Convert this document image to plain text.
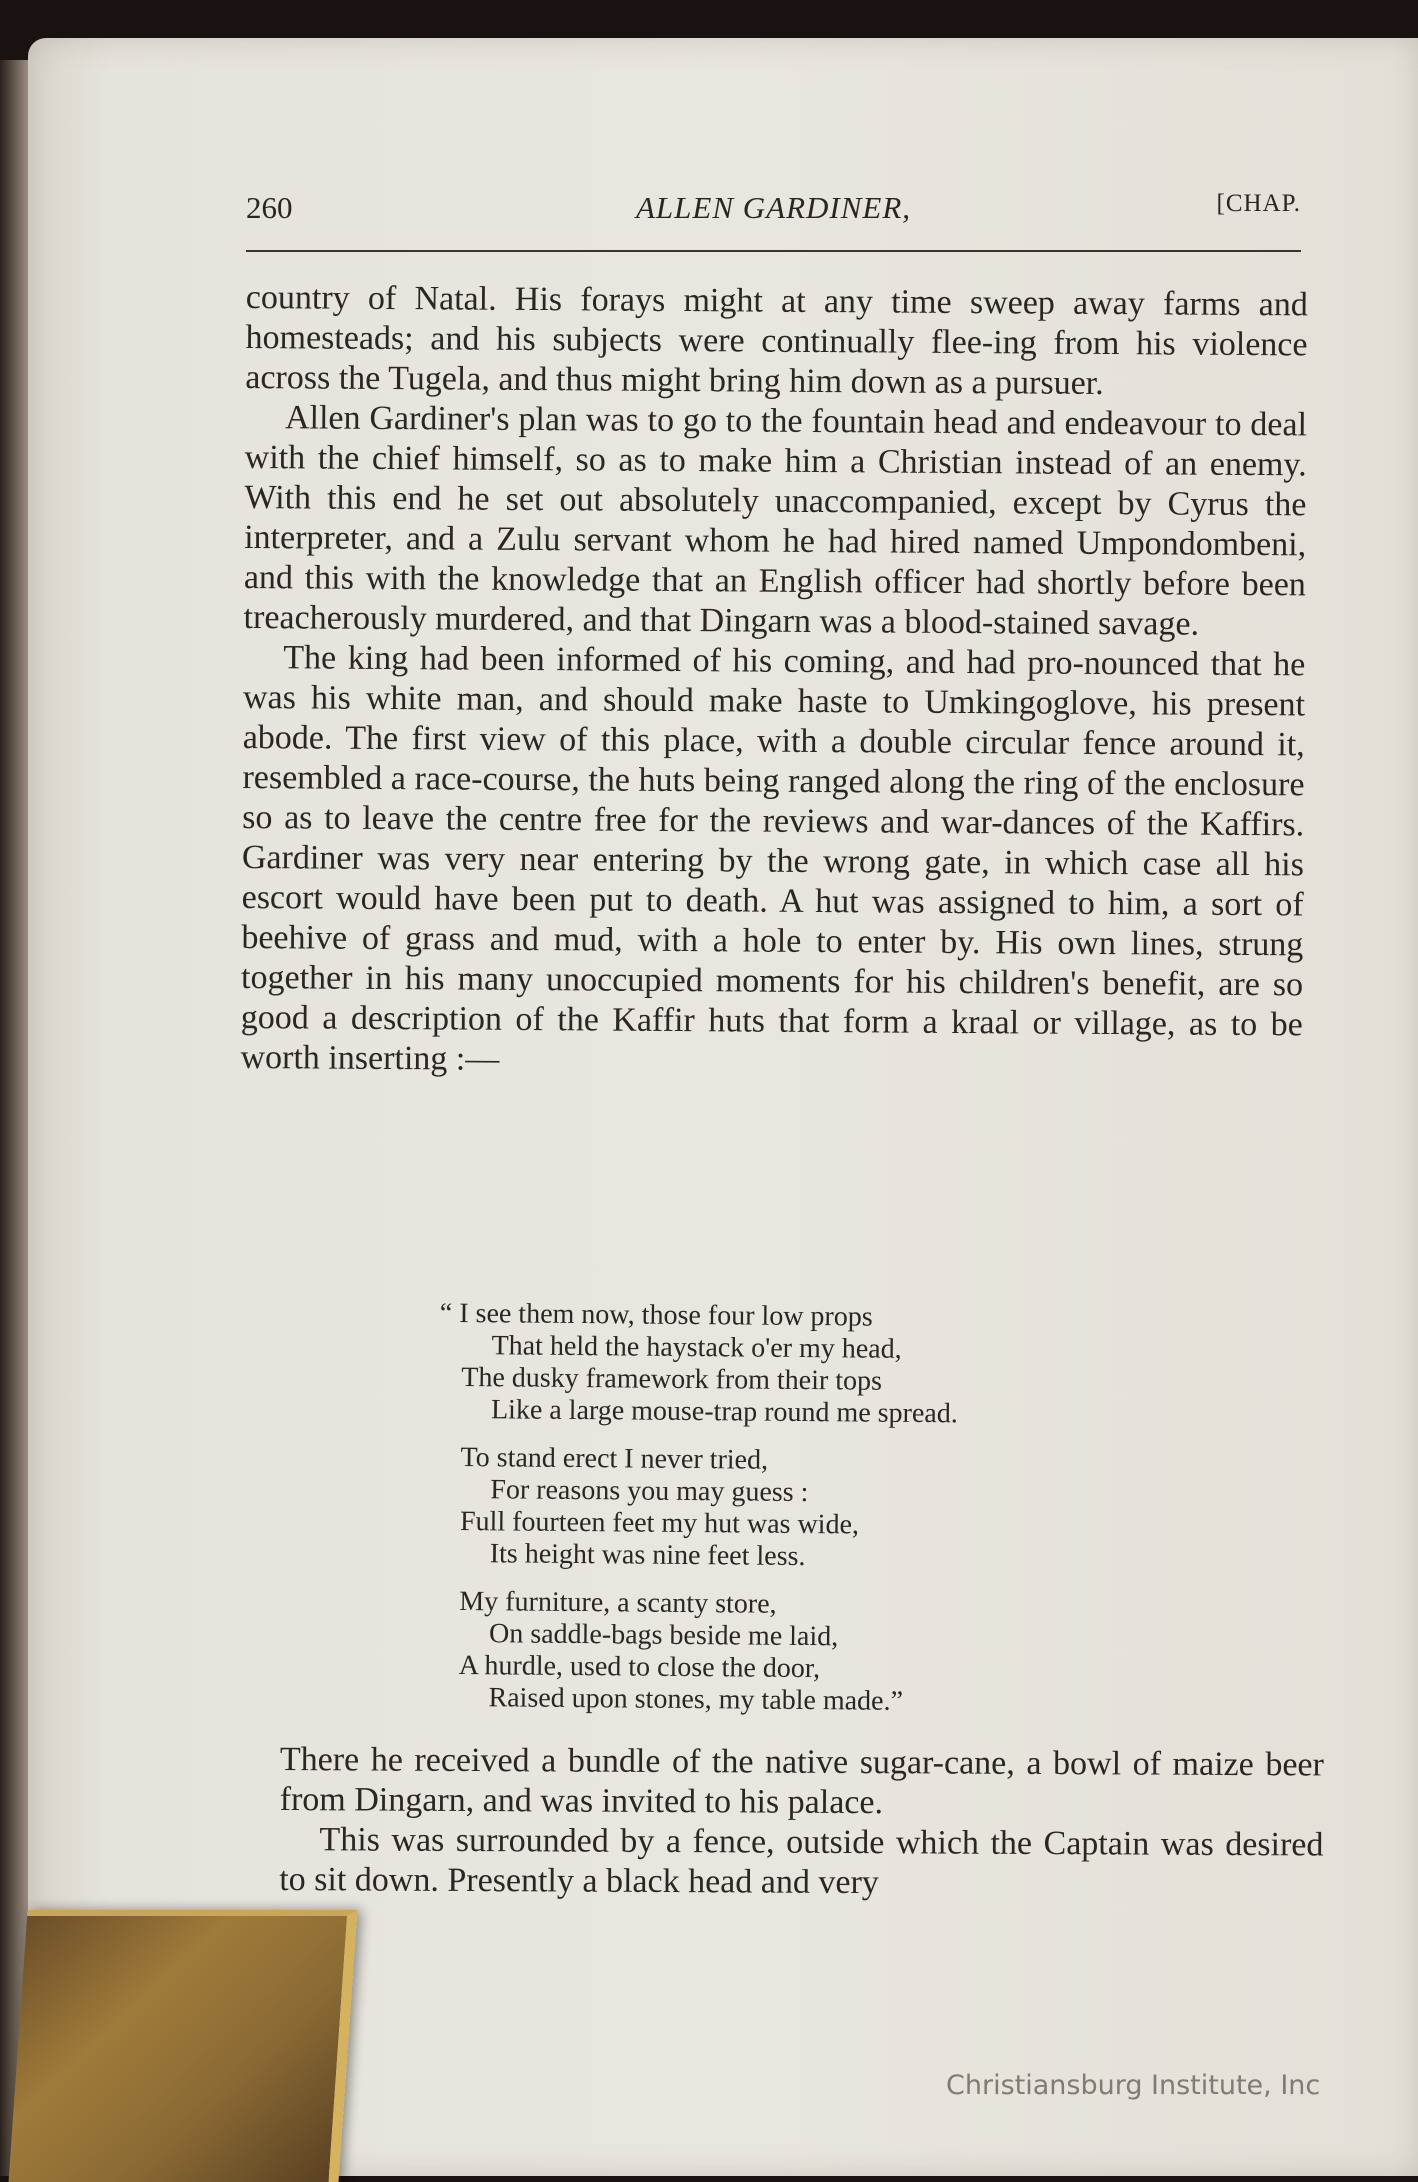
260	ALLEN GARDINER,	[CHAP.

country of Natal. His forays might at any time sweep away farms and homesteads; and his subjects were continually flee-ing from his violence across the Tugela, and thus might bring him down as a pursuer.

Allen Gardiner's plan was to go to the fountain head and endeavour to deal with the chief himself, so as to make him a Christian instead of an enemy. With this end he set out absolutely unaccompanied, except by Cyrus the interpreter, and a Zulu servant whom he had hired named Umpondombeni, and this with the knowledge that an English officer had shortly before been treacherously murdered, and that Dingarn was a blood-stained savage.

The king had been informed of his coming, and had pro-nounced that he was his white man, and should make haste to Umkingoglove, his present abode. The first view of this place, with a double circular fence around it, resembled a race-course, the huts being ranged along the ring of the enclosure so as to leave the centre free for the reviews and war-dances of the Kaffirs. Gardiner was very near entering by the wrong gate, in which case all his escort would have been put to death. A hut was assigned to him, a sort of beehive of grass and mud, with a hole to enter by. His own lines, strung together in his many unoccupied moments for his children's benefit, are so good a description of the Kaffir huts that form a kraal or village, as to be worth inserting :—

“ I see them now, those four low props
That held the haystack o'er my head,
The dusky framework from their tops
Like a large mouse-trap round me spread.
To stand erect I never tried,
For reasons you may guess :
Full fourteen feet my hut was wide,
Its height was nine feet less.
My furniture, a scanty store,
On saddle-bags beside me laid,
A hurdle, used to close the door,
Raised upon stones, my table made.”

There he received a bundle of the native sugar-cane, a bowl of maize beer from Dingarn, and was invited to his palace.

This was surrounded by a fence, outside which the Captain was desired to sit down. Presently a black head and very

Christiansburg Institute, Inc
